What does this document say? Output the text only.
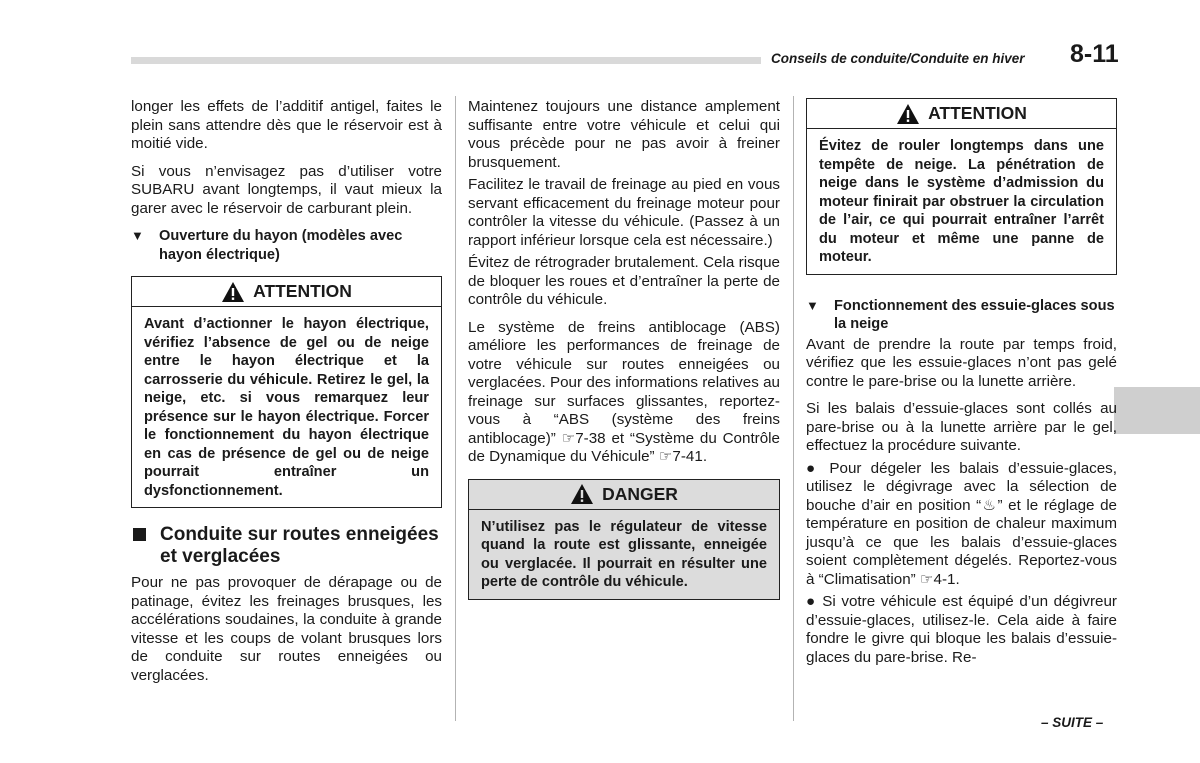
Conseils de conduite/Conduite en hiver 8-11

longer les effets de l’additif antigel, faites le plein sans attendre dès que le réservoir est à moitié vide.

Si vous n’envisagez pas d’utiliser votre SUBARU avant longtemps, il vaut mieux la garer avec le réservoir de carburant plein.

▼	Ouverture du hayon (modèles avec hayon électrique)
ATTENTION
Avant d’actionner le hayon électrique, vérifiez l’absence de gel ou de neige entre le hayon électrique et la carrosserie du véhicule. Retirez le gel, la neige, etc. si vous remarquez leur présence sur le hayon électrique. Forcer le fonctionnement du hayon électrique en cas de présence de gel ou de neige pourrait entraîner un dysfonctionnement.
Conduite sur routes enneigées et verglacées

Pour ne pas provoquer de dérapage ou de patinage, évitez les freinages brusques, les accélérations soudaines, la conduite à grande vitesse et les coups de volant brusques lors de conduite sur routes enneigées ou verglacées.

Maintenez toujours une distance amplement suffisante entre votre véhicule et celui qui vous précède pour ne pas avoir à freiner brusquement.

Facilitez le travail de freinage au pied en vous servant efficacement du freinage moteur pour contrôler la vitesse du véhicule. (Passez à un rapport inférieur lorsque cela est nécessaire.)

Évitez de rétrograder brutalement. Cela risque de bloquer les roues et d’entraîner la perte de contrôle du véhicule.

Le système de freins antiblocage (ABS) améliore les performances de freinage de votre véhicule sur routes enneigées ou verglacées. Pour des informations relatives au freinage sur surfaces glissantes, reportez-vous à “ABS (système des freins antiblocage)” ☞7-38 et “Système du Contrôle de Dynamique du Véhicule” ☞7-41.

DANGER
N’utilisez pas le régulateur de vitesse quand la route est glissante, enneigée ou verglacée. Il pourrait en résulter une perte de contrôle du véhicule.
ATTENTION
Évitez de rouler longtemps dans une tempête de neige. La pénétration de neige dans le système d’admission du moteur finirait par obstruer la circulation de l’air, ce qui pourrait entraîner l’arrêt du moteur et même une panne de moteur.
▼	Fonctionnement des essuie-glaces sous la neige

Avant de prendre la route par temps froid, vérifiez que les essuie-glaces n’ont pas gelé contre le pare-brise ou la lunette arrière.

Si les balais d’essuie-glaces sont collés au pare-brise ou à la lunette arrière par le gel, effectuez la procédure suivante.

● Pour dégeler les balais d’essuie-glaces, utilisez le dégivrage avec la sélection de bouche d’air en position “♨” et le réglage de température en position de chaleur maximum jusqu’à ce que les balais d’essuie-glaces soient complètement dégelés. Reportez-vous à “Climatisation” ☞4-1.

● Si votre véhicule est équipé d’un dégivreur d’essuie-glaces, utilisez-le. Cela aide à faire fondre le givre qui bloque les balais d’essuie-glaces du pare-brise. Re-

– SUITE –
